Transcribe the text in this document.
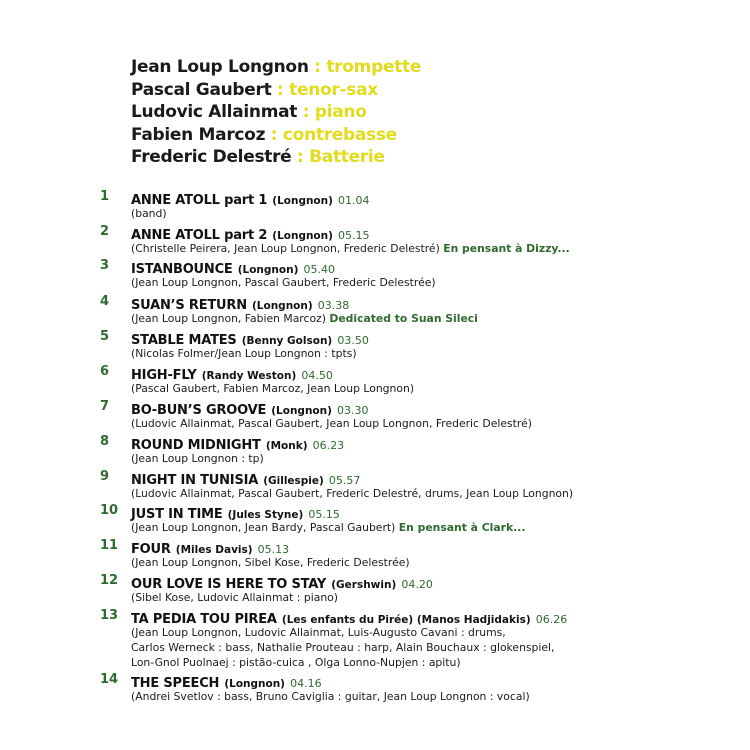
Jean Loup Longnon : trompette
Pascal Gaubert : tenor-sax
Ludovic Allainmat : piano
Fabien Marcoz : contrebasse
Frederic Delestré : Batterie
1 ANNE ATOLL part 1 (Longnon) 01.04
(band)
2 ANNE ATOLL part 2 (Longnon) 05.15
(Christelle Peirera, Jean Loup Longnon, Frederic Delestré) En pensant à Dizzy...
3 ISTANBOUNCE (Longnon) 05.40
(Jean Loup Longnon, Pascal Gaubert, Frederic Delestrée)
4 SUAN’S RETURN (Longnon) 03.38
(Jean Loup Longnon, Fabien Marcoz) Dedicated to Suan Sileci
5 STABLE MATES (Benny Golson) 03.50
(Nicolas Folmer/Jean Loup Longnon : tpts)
6 HIGH-FLY (Randy Weston) 04.50
(Pascal Gaubert, Fabien Marcoz, Jean Loup Longnon)
7 BO-BUN’S GROOVE (Longnon) 03.30
(Ludovic Allainmat, Pascal Gaubert, Jean Loup Longnon, Frederic Delestré)
8 ROUND MIDNIGHT (Monk) 06.23
(Jean Loup Longnon : tp)
9 NIGHT IN TUNISIA (Gillespie) 05.57
(Ludovic Allainmat, Pascal Gaubert, Frederic Delestré, drums, Jean Loup Longnon)
10 JUST IN TIME (Jules Styne) 05.15
(Jean Loup Longnon, Jean Bardy, Pascal Gaubert) En pensant à Clark...
11 FOUR (Miles Davis) 05.13
(Jean Loup Longnon, Sibel Kose, Frederic Delestrée)
12 OUR LOVE IS HERE TO STAY (Gershwin) 04.20
(Sibel Kose, Ludovic Allainmat : piano)
13 TA PEDIA TOU PIREA (Les enfants du Pirée) (Manos Hadjidakis) 06.26
(Jean Loup Longnon, Ludovic Allainmat, Luis-Augusto Cavani : drums,
Carlos Werneck : bass, Nathalie Prouteau : harp, Alain Bouchaux : glokenspiel,
Lon-Gnol Puolnaej : pistão-cuica , Olga Lonno-Nupjen : apitu)
14 THE SPEECH (Longnon) 04.16
(Andrei Svetlov : bass, Bruno Caviglia : guitar, Jean Loup Longnon : vocal)
